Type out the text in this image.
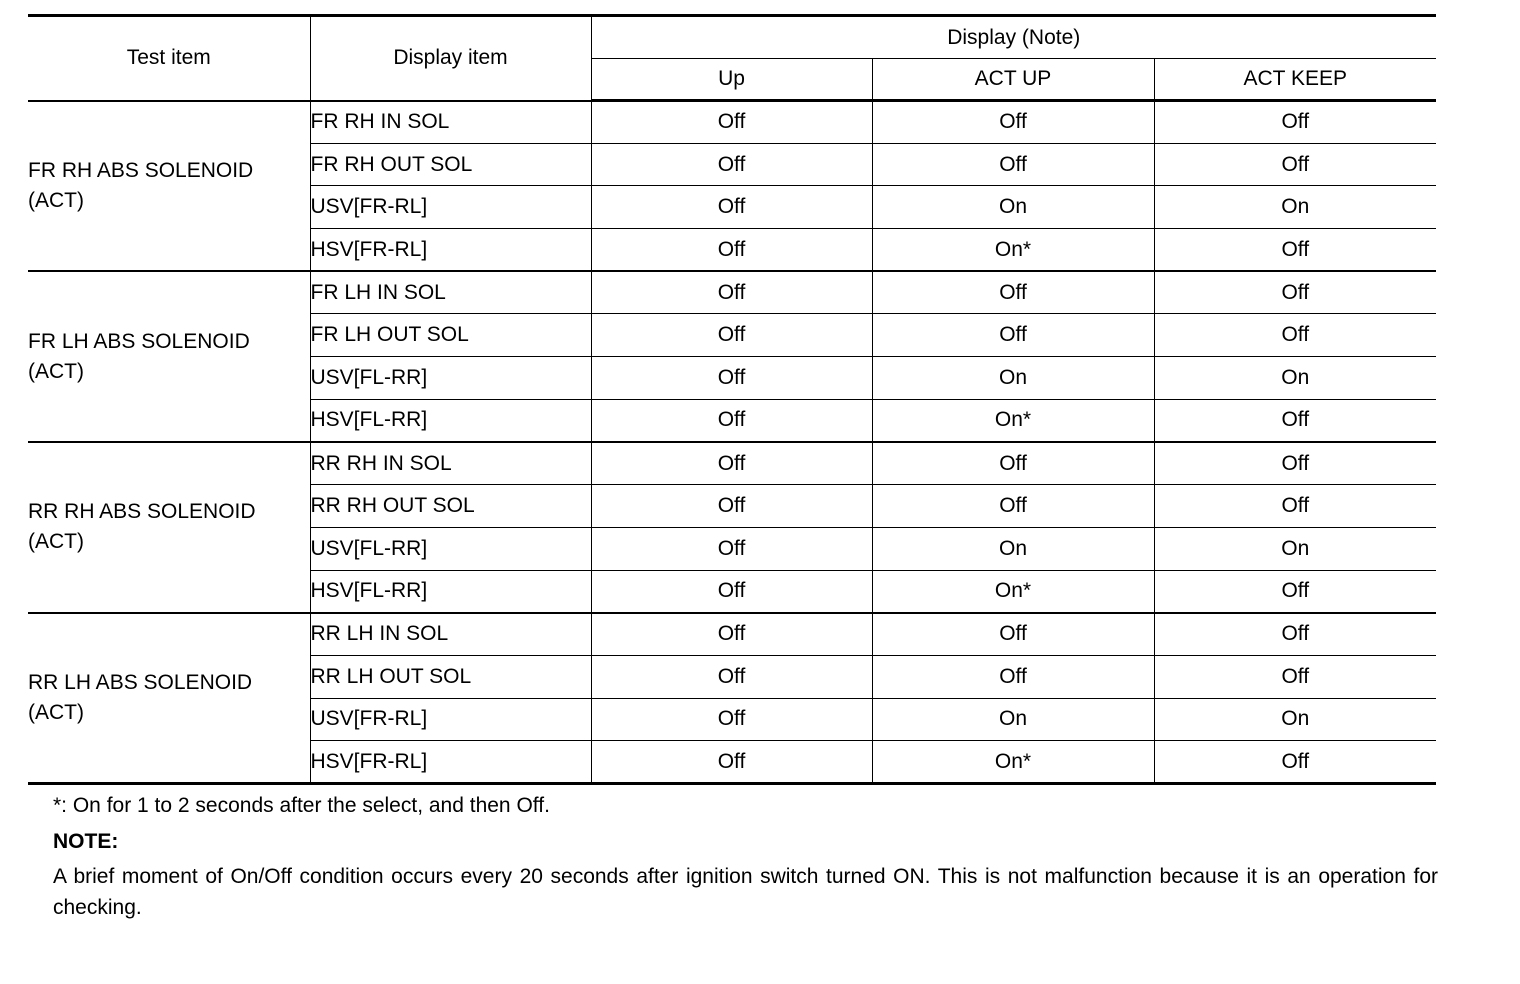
Test item	Display item	Display (Note)		
		Up	ACT UP	ACT KEEP

FR RH ABS SOLENOID
(ACT)	FR RH IN SOL	Off	Off	Off
	FR RH OUT SOL	Off	Off	Off
	USV[FR-RL]	Off	On	On
	HSV[FR-RL]	Off	On*	Off

FR LH ABS SOLENOID
(ACT)	FR LH IN SOL	Off	Off	Off
	FR LH OUT SOL	Off	Off	Off
	USV[FL-RR]	Off	On	On
	HSV[FL-RR]	Off	On*	Off

RR RH ABS SOLENOID
(ACT)	RR RH IN SOL	Off	Off	Off
	RR RH OUT SOL	Off	Off	Off
	USV[FL-RR]	Off	On	On
	HSV[FL-RR]	Off	On*	Off

RR LH ABS SOLENOID
(ACT)	RR LH IN SOL	Off	Off	Off
	RR LH OUT SOL	Off	Off	Off
	USV[FR-RL]	Off	On	On
	HSV[FR-RL]	Off	On*	Off
*: On for 1 to 2 seconds after the select, and then Off.
NOTE:
A brief moment of On/Off condition occurs every 20 seconds after ignition switch turned ON. This is not malfunction because it is an operation for checking.
